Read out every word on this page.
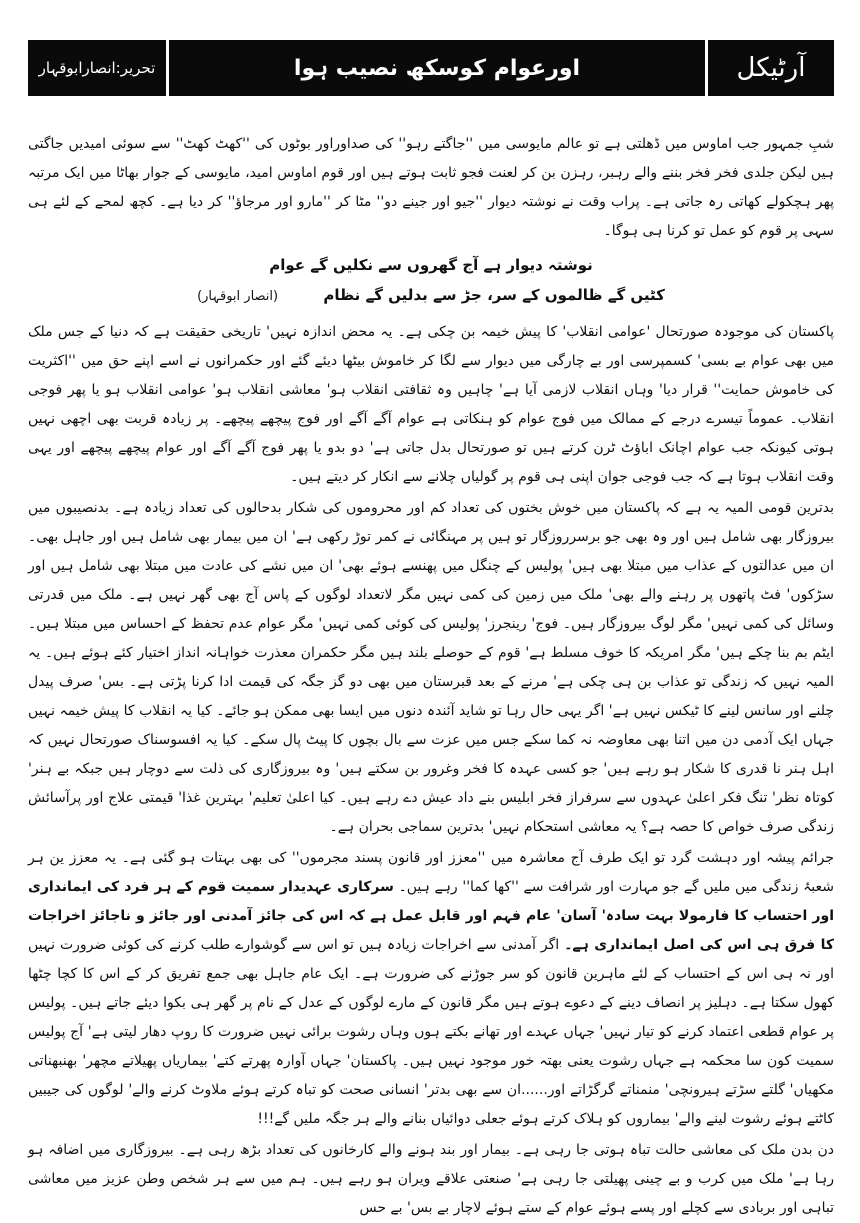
تحریر:انصارابوقہار	اورعوام کوسکھ نصیب ہوا	آرٹیکل

شبِ جمہور جب اماوس میں ڈھلتی ہے تو عالم مایوسی میں ''جاگتے رہو'' کی صداوراور بوٹوں کی ''کھٹ کھٹ'' سے سوئی امیدیں جاگتی ہیں لیکن جلدی فخر فخر بننے والے رہبر، رہزن بن کر لعنت فجو ثابت ہوتے ہیں اور قوم اماوس امید، مایوسی کے جوار بھاٹا میں ایک مرتبہ پھر ہچکولے کھاتی رہ جاتی ہے۔ پراب وقت نے نوشتہ دیوار ''جیو اور جینے دو'' مٹا کر ''مارو اور مرجاؤ'' کر دیا ہے۔ کچھ لمحے کے لئے ہی سہی پر قوم کو عمل تو کرنا ہی ہوگا۔

نوشتہ دیوار ہے آج گھروں سے نکلیں گے عوام
کٹیں گے ظالموں کے سر، جڑ سے بدلیں گے نظام (انصار ابوقہار)

پاکستان کی موجودہ صورتحال 'عوامی انقلاب' کا پیش خیمہ بن چکی ہے۔ یہ محض اندازہ نہیں' تاریخی حقیقت ہے کہ دنیا کے جس ملک میں بھی عوام بے بسی' کسمپرسی اور بے چارگی میں دیوار سے لگا کر خاموش بیٹھا دیئے گئے اور حکمرانوں نے اسے اپنے حق میں ''اکثریت کی خاموش حمایت'' قرار دیا' وہاں انقلاب لازمی آیا ہے' چاہیں وہ ثقافتی انقلاب ہو' معاشی انقلاب ہو' عوامی انقلاب ہو یا پھر فوجی انقلاب۔ عموماً تیسرے درجے کے ممالک میں فوج عوام کو ہنکاتی ہے عوام آگے آگے اور فوج پیچھے پیچھے۔ پر زیادہ قربت بھی اچھی نہیں ہوتی کیونکہ جب عوام اچانک اباؤٹ ٹرن کرتے ہیں تو صورتحال بدل جاتی ہے' دو بدو یا پھر فوج آگے آگے اور عوام پیچھے پیچھے اور یہی وقت انقلاب ہوتا ہے کہ جب فوجی جوان اپنی ہی قوم پر گولیاں چلانے سے انکار کر دیتے ہیں۔

بدترین قومی المیہ یہ ہے کہ پاکستان میں خوش بختوں کی تعداد کم اور محروموں کی شکار بدحالوں کی تعداد زیادہ ہے۔ بدنصیبوں میں بیروزگار بھی شامل ہیں اور وہ بھی جو برسرروزگار تو ہیں پر مہنگائی نے کمر توڑ رکھی ہے' ان میں بیمار بھی شامل ہیں اور جاہل بھی۔ ان میں عدالتوں کے عذاب میں مبتلا بھی ہیں' پولیس کے چنگل میں پھنسے ہوئے بھی' ان میں نشے کی عادت میں مبتلا بھی شامل ہیں اور سڑکوں' فٹ پاتھوں پر رہنے والے بھی' ملک میں زمین کی کمی نہیں مگر لاتعداد لوگوں کے پاس آج بھی گھر نہیں ہے۔ ملک میں قدرتی وسائل کی کمی نہیں' مگر لوگ بیروزگار ہیں۔ فوج' رینجرز' پولیس کی کوئی کمی نہیں' مگر عوام عدم تحفظ کے احساس میں مبتلا ہیں۔ ایٹم بم بنا چکے ہیں' مگر امریکہ کا خوف مسلط ہے' قوم کے حوصلے بلند ہیں مگر حکمران معذرت خواہانہ انداز اختیار کئے ہوئے ہیں۔ یہ المیہ نہیں کہ زندگی تو عذاب بن ہی چکی ہے' مرنے کے بعد قبرستان میں بھی دو گز جگہ کی قیمت ادا کرنا پڑتی ہے۔ بس' صرف پیدل چلنے اور سانس لینے کا ٹیکس نہیں ہے' اگر یہی حال رہا تو شاید آئندہ دنوں میں ایسا بھی ممکن ہو جائے۔ کیا یہ انقلاب کا پیش خیمہ نہیں جہاں ایک آدمی دن میں اتنا بھی معاوضہ نہ کما سکے جس میں عزت سے بال بچوں کا پیٹ پال سکے۔ کیا یہ افسوسناک صورتحال نہیں کہ اہل ہنر نا قدری کا شکار ہو رہے ہیں' جو کسی عہدہ کا فخر وغرور بن سکتے ہیں' وہ بیروزگاری کی ذلت سے دوچار ہیں جبکہ بے ہنر' کوتاہ نظر' تنگ فکر اعلیٰ عہدوں سے سرفراز فخر ابلیس بنے داد عیش دے رہے ہیں۔ کیا اعلیٰ تعلیم' بہترین غذا' قیمتی علاج اور پرآسائش زندگی صرف خواص کا حصہ ہے؟ یہ معاشی استحکام نہیں' بدترین سماجی بحران ہے۔

جرائم پیشہ اور دہشت گرد تو ایک طرف آج معاشرہ میں ''معزز اور قانون پسند مجرموں'' کی بھی بہتات ہو گئی ہے۔ یہ معزز ین ہر شعبۂ زندگی میں ملیں گے جو مہارت اور شرافت سے ''کھا کما'' رہے ہیں۔ سرکاری عہدیدار سمیت قوم کے ہر فرد کی ایمانداری اور احتساب کا فارمولا بہت سادہ' آسان' عام فہم اور قابل عمل ہے کہ اس کی جائز آمدنی اور جائز و ناجائز اخراجات کا فرق ہی اس کی اصل ایمانداری ہے۔ اگر آمدنی سے اخراجات زیادہ ہیں تو اس سے گوشوارے طلب کرنے کی کوئی ضرورت نہیں اور نہ ہی اس کے احتساب کے لئے ماہرین قانون کو سر جوڑنے کی ضرورت ہے۔ ایک عام جاہل بھی جمع تفریق کر کے اس کا کچا چٹھا کھول سکتا ہے۔ دہلیز پر انصاف دینے کے دعوے ہوتے ہیں مگر قانون کے مارے لوگوں کے عدل کے نام پر گھر ہی بکوا دیئے جاتے ہیں۔ پولیس پر عوام قطعی اعتماد کرنے کو تیار نہیں' جہاں عہدے اور تھانے بکتے ہوں وہاں رشوت برائی نہیں ضرورت کا روپ دھار لیتی ہے' آج پولیس سمیت کون سا محکمہ ہے جہاں رشوت یعنی بھتہ خور موجود نہیں ہیں۔ پاکستان' جہاں آوارہ پھرتے کتے' بیماریاں پھیلاتے مچھر' بھنبھناتی مکھیاں' گلتے سڑتے ہیرونچی' منمناتے گرگڑاتے اور......ان سے بھی بدتر' انسانی صحت کو تباہ کرتے ہوئے ملاوٹ کرنے والے' لوگوں کی جیبیں کاٹتے ہوئے رشوت لینے والے' بیماروں کو ہلاک کرتے ہوئے جعلی دوائیاں بنانے والے ہر جگہ ملیں گے!!!

دن بدن ملک کی معاشی حالت تباہ ہوتی جا رہی ہے۔ بیمار اور بند ہونے والے کارخانوں کی تعداد بڑھ رہی ہے۔ بیروزگاری میں اضافہ ہو رہا ہے' ملک میں کرب و بے چینی پھیلتی جا رہی ہے' صنعتی علاقے ویران ہو رہے ہیں۔ ہم میں سے ہر شخص وطن عزیز میں معاشی تباہی اور بربادی سے کچلے اور پسے ہوئے عوام کے ستے ہوئے لاچار بے بس' بے حس
